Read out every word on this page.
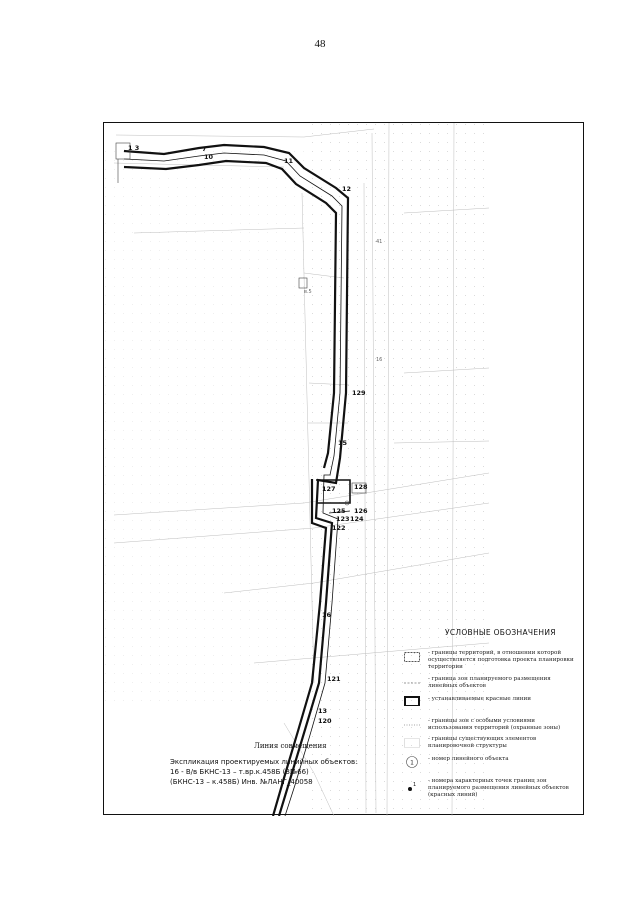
48
1 3	7
10	11
12
129
15
128
127
125 126
124
123
122
16
121
13
120
в.5
41
16
Линия совмещения
Экспликация проектируемых линийных объектов:
16 - В/в БКНС-13 – т.вр.к.458Б (З№66)
(БКНС-13 – к.458Б) Инв. №ЛАНГ_40058
УСЛОВНЫЕ ОБОЗНАЧЕНИЯ
- границы территорий, в отношении которой осуществляется подготовка проекта планировки территории
- граница зон планируемого размещения линейных объектов
- устанавливаемые красные линии
- границы зон с особыми условиями использования территорий (охранные зоны)
- границы существующих элементов планировочной структуры
1
- номер линейного объекта
1
- номера характерных точек границ зон планируемого размещения линейных объектов (красных линий)
